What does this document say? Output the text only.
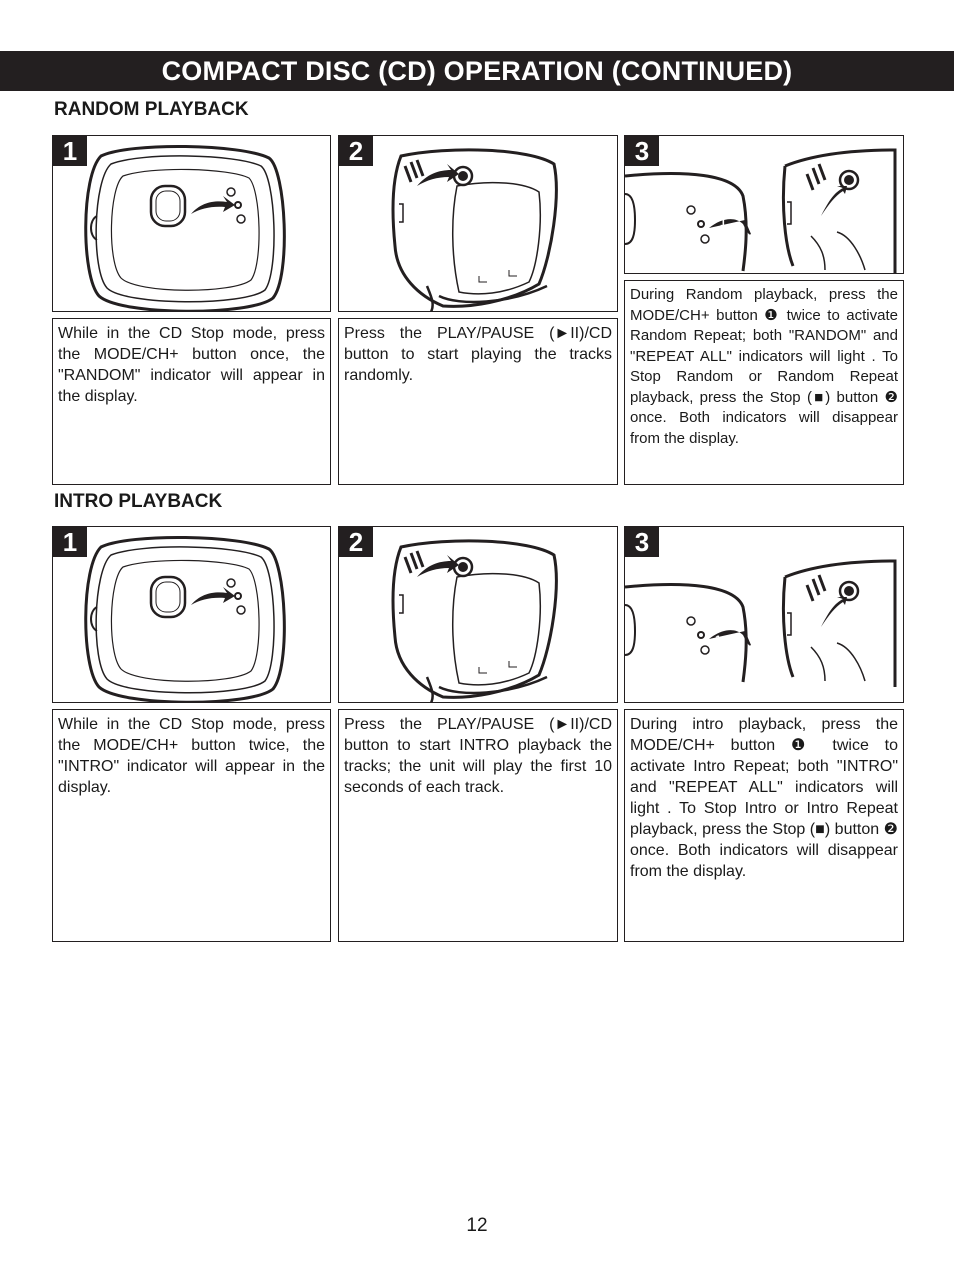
COMPACT DISC (CD) OPERATION (CONTINUED)
RANDOM PLAYBACK
1	2
1
2
3
While in the CD Stop mode, press the MODE/CH+ button once, the "RANDOM" indicator will appear in the display.
Press the PLAY/PAUSE (►II)/CD button to start playing the tracks randomly.
During Random playback, press the MODE/CH+ button ❶ twice to activate Random Repeat; both "RANDOM" and "REPEAT ALL" indicators will light . To Stop Random or Random Repeat playback, press the Stop (■) button ❷ once. Both indicators will disappear from the display.
INTRO PLAYBACK
1	2
1
2
3
While in the CD Stop mode, press the MODE/CH+ button twice, the "INTRO" indicator will appear in the display.
Press the PLAY/PAUSE (►II)/CD button to start INTRO playback the tracks; the unit will play the first 10 seconds of each track.
During intro playback, press the MODE/CH+ button ❶ twice to activate Intro Repeat; both "INTRO" and "REPEAT ALL" indicators will light . To Stop Intro or Intro Repeat playback, press the Stop (■) button ❷ once. Both indicators will disappear from the display.
12
